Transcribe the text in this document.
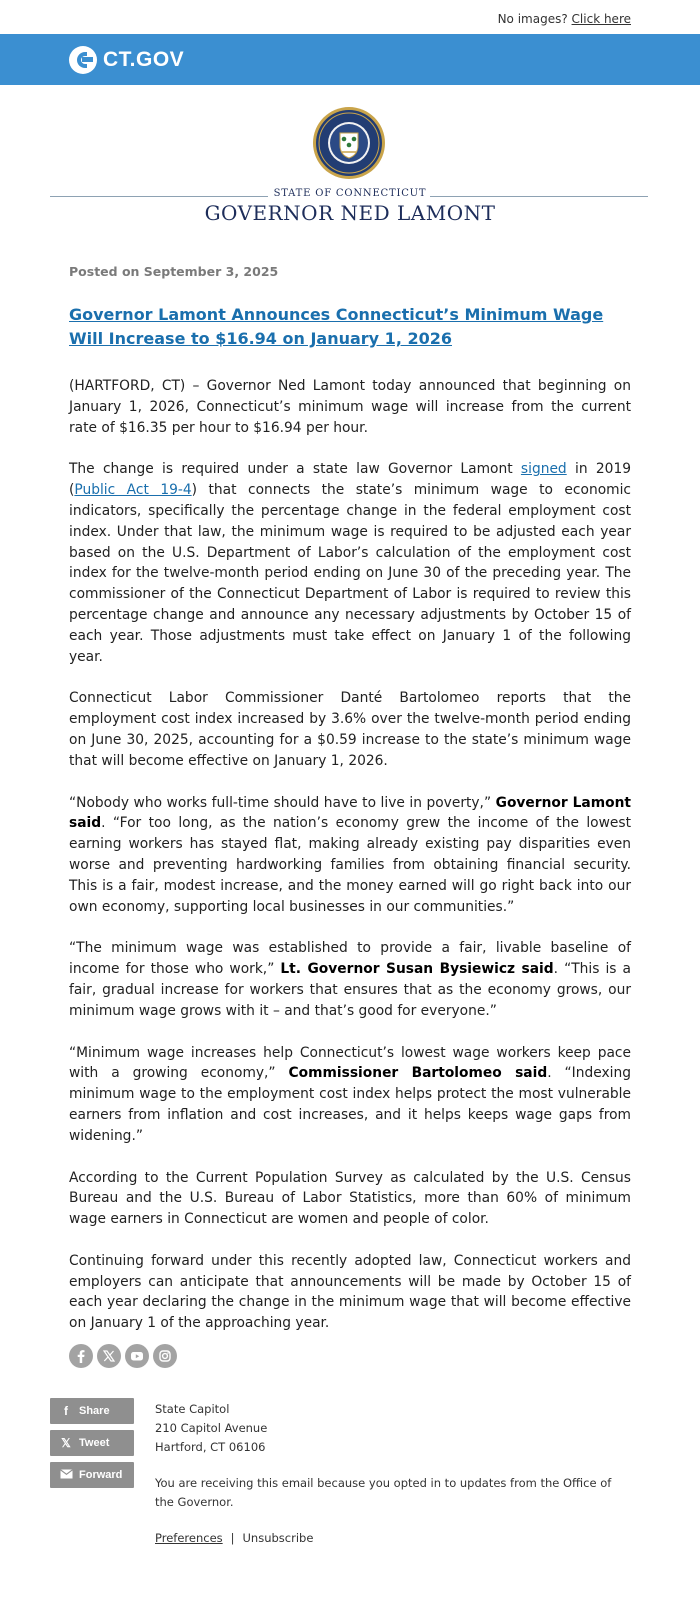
No images? Click here
CT.GOV
STATE OF CONNECTICUT
GOVERNOR NED LAMONT

Posted on September 3, 2025

Governor Lamont Announces Connecticut’s Minimum Wage Will Increase to $16.94 on January 1, 2026

(HARTFORD, CT) – Governor Ned Lamont today announced that beginning on January 1, 2026, Connecticut’s minimum wage will increase from the current rate of $16.35 per hour to $16.94 per hour.

The change is required under a state law Governor Lamont signed in 2019 (Public Act 19-4) that connects the state’s minimum wage to economic indicators, specifically the percentage change in the federal employment cost index. Under that law, the minimum wage is required to be adjusted each year based on the U.S. Department of Labor’s calculation of the employment cost index for the twelve-month period ending on June 30 of the preceding year. The commissioner of the Connecticut Department of Labor is required to review this percentage change and announce any necessary adjustments by October 15 of each year. Those adjustments must take effect on January 1 of the following year.

Connecticut Labor Commissioner Danté Bartolomeo reports that the employment cost index increased by 3.6% over the twelve-month period ending on June 30, 2025, accounting for a $0.59 increase to the state’s minimum wage that will become effective on January 1, 2026.

“Nobody who works full-time should have to live in poverty,” Governor Lamont said. “For too long, as the nation’s economy grew the income of the lowest earning workers has stayed flat, making already existing pay disparities even worse and preventing hardworking families from obtaining financial security. This is a fair, modest increase, and the money earned will go right back into our own economy, supporting local businesses in our communities.”

“The minimum wage was established to provide a fair, livable baseline of income for those who work,” Lt. Governor Susan Bysiewicz said. “This is a fair, gradual increase for workers that ensures that as the economy grows, our minimum wage grows with it – and that’s good for everyone.”

“Minimum wage increases help Connecticut’s lowest wage workers keep pace with a growing economy,” Commissioner Bartolomeo said. “Indexing minimum wage to the employment cost index helps protect the most vulnerable earners from inflation and cost increases, and it helps keeps wage gaps from widening.”

According to the Current Population Survey as calculated by the U.S. Census Bureau and the U.S. Bureau of Labor Statistics, more than 60% of minimum wage earners in Connecticut are women and people of color.

Continuing forward under this recently adopted law, Connecticut workers and employers can anticipate that announcements will be made by October 15 of each year declaring the change in the minimum wage that will become effective on January 1 of the approaching year.

f	Share
𝕏 Tweet
Forward
State Capitol
210 Capitol Avenue
Hartford, CT 06106
You are receiving this email because you opted in to updates from the Office of the Governor.
Preferences | Unsubscribe
